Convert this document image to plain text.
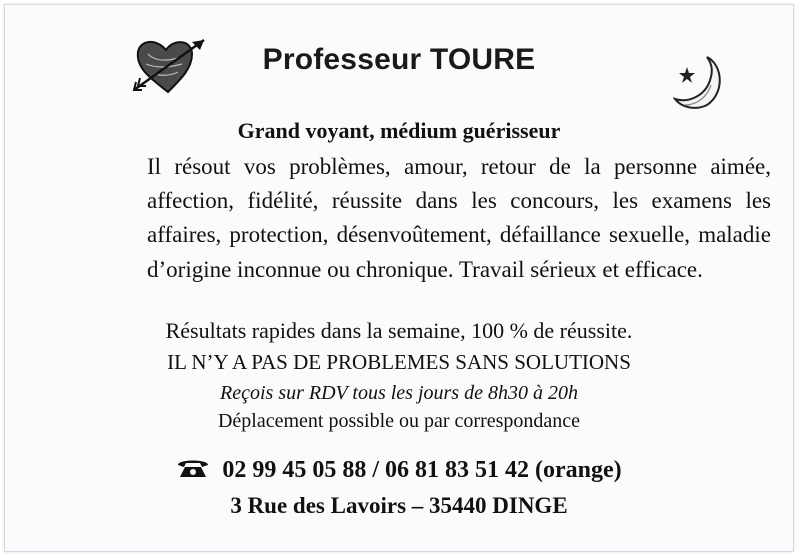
Professeur TOURE
Grand voyant, médium guérisseur
Il résout vos problèmes, amour, retour de la personne aimée, affection, fidélité, réussite dans les concours, les examens les affaires, protection, désenvoûtement, défaillance sexuelle, maladie d’origine inconnue ou chronique. Travail sérieux et efficace.
Résultats rapides dans la semaine, 100 % de réussite.
IL N’Y A PAS DE PROBLEMES SANS SOLUTIONS
Reçois sur RDV tous les jours de 8h30 à 20h
Déplacement possible ou par correspondance
02 99 45 05 88 / 06 81 83 51 42 (orange)
3 Rue des Lavoirs – 35440 DINGE
